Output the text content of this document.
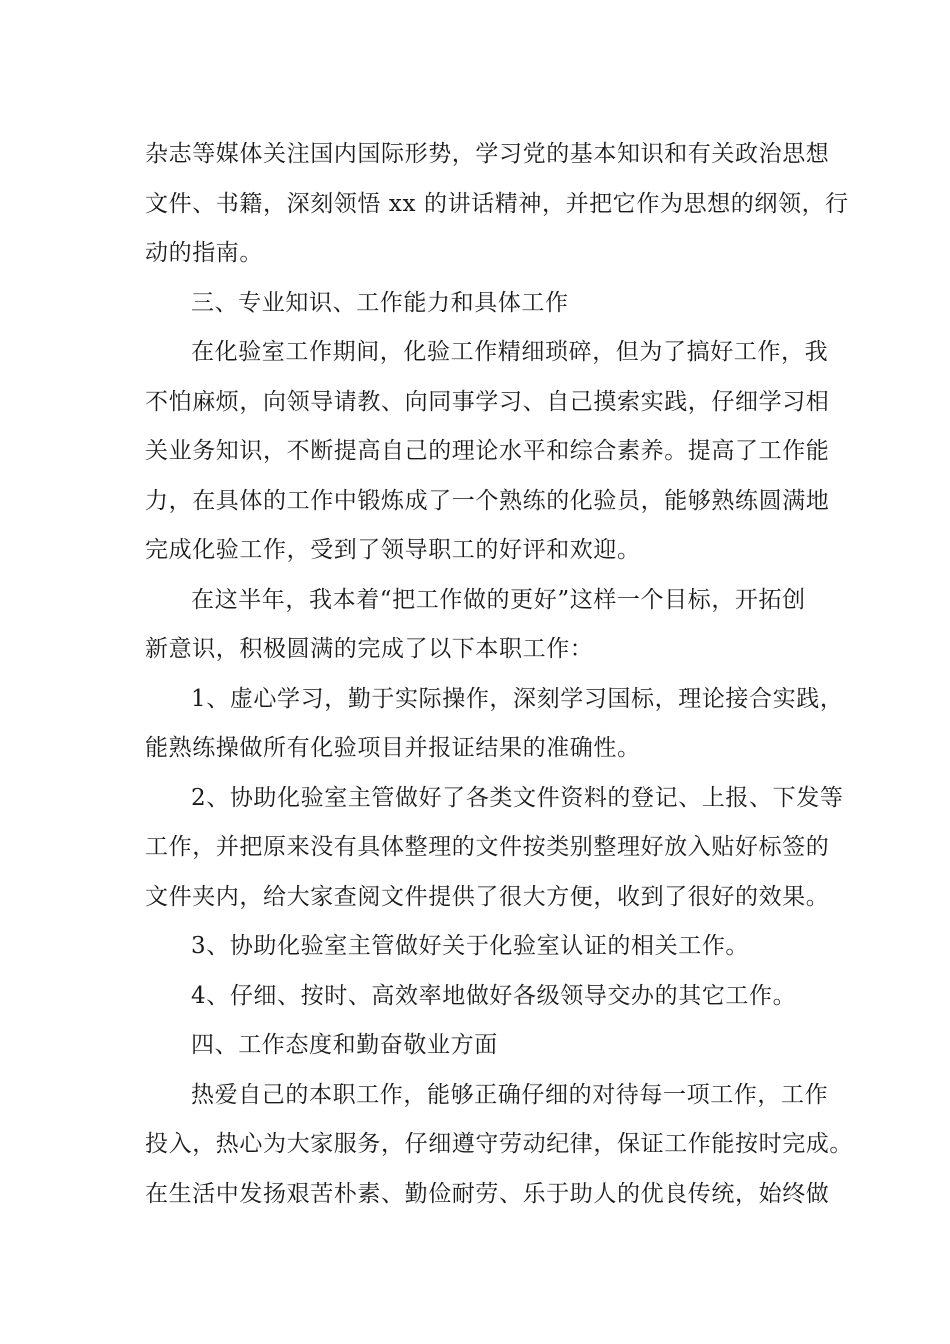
杂志等媒体关注国内国际形势，学习党的基本知识和有关政治思想
文件、书籍，深刻领悟 xx 的讲话精神，并把它作为思想的纲领，行
动的指南。
三、专业知识、工作能力和具体工作
在化验室工作期间，化验工作精细琐碎，但为了搞好工作，我
不怕麻烦，向领导请教、向同事学习、自己摸索实践，仔细学习相
关业务知识，不断提高自己的理论水平和综合素养。提高了工作能
力，在具体的工作中锻炼成了一个熟练的化验员，能够熟练圆满地
完成化验工作，受到了领导职工的好评和欢迎。
在这半年，我本着“把工作做的更好”这样一个目标，开拓创
新意识，积极圆满的完成了以下本职工作：
1、虚心学习，勤于实际操作，深刻学习国标，理论接合实践，
能熟练操做所有化验项目并报证结果的准确性。
2、协助化验室主管做好了各类文件资料的登记、上报、下发等
工作，并把原来没有具体整理的文件按类别整理好放入贴好标签的
文件夹内，给大家查阅文件提供了很大方便，收到了很好的效果。
3、协助化验室主管做好关于化验室认证的相关工作。
4、仔细、按时、高效率地做好各级领导交办的其它工作。
四、工作态度和勤奋敬业方面
热爱自己的本职工作，能够正确仔细的对待每一项工作，工作
投入，热心为大家服务，仔细遵守劳动纪律，保证工作能按时完成。
在生活中发扬艰苦朴素、勤俭耐劳、乐于助人的优良传统，始终做
